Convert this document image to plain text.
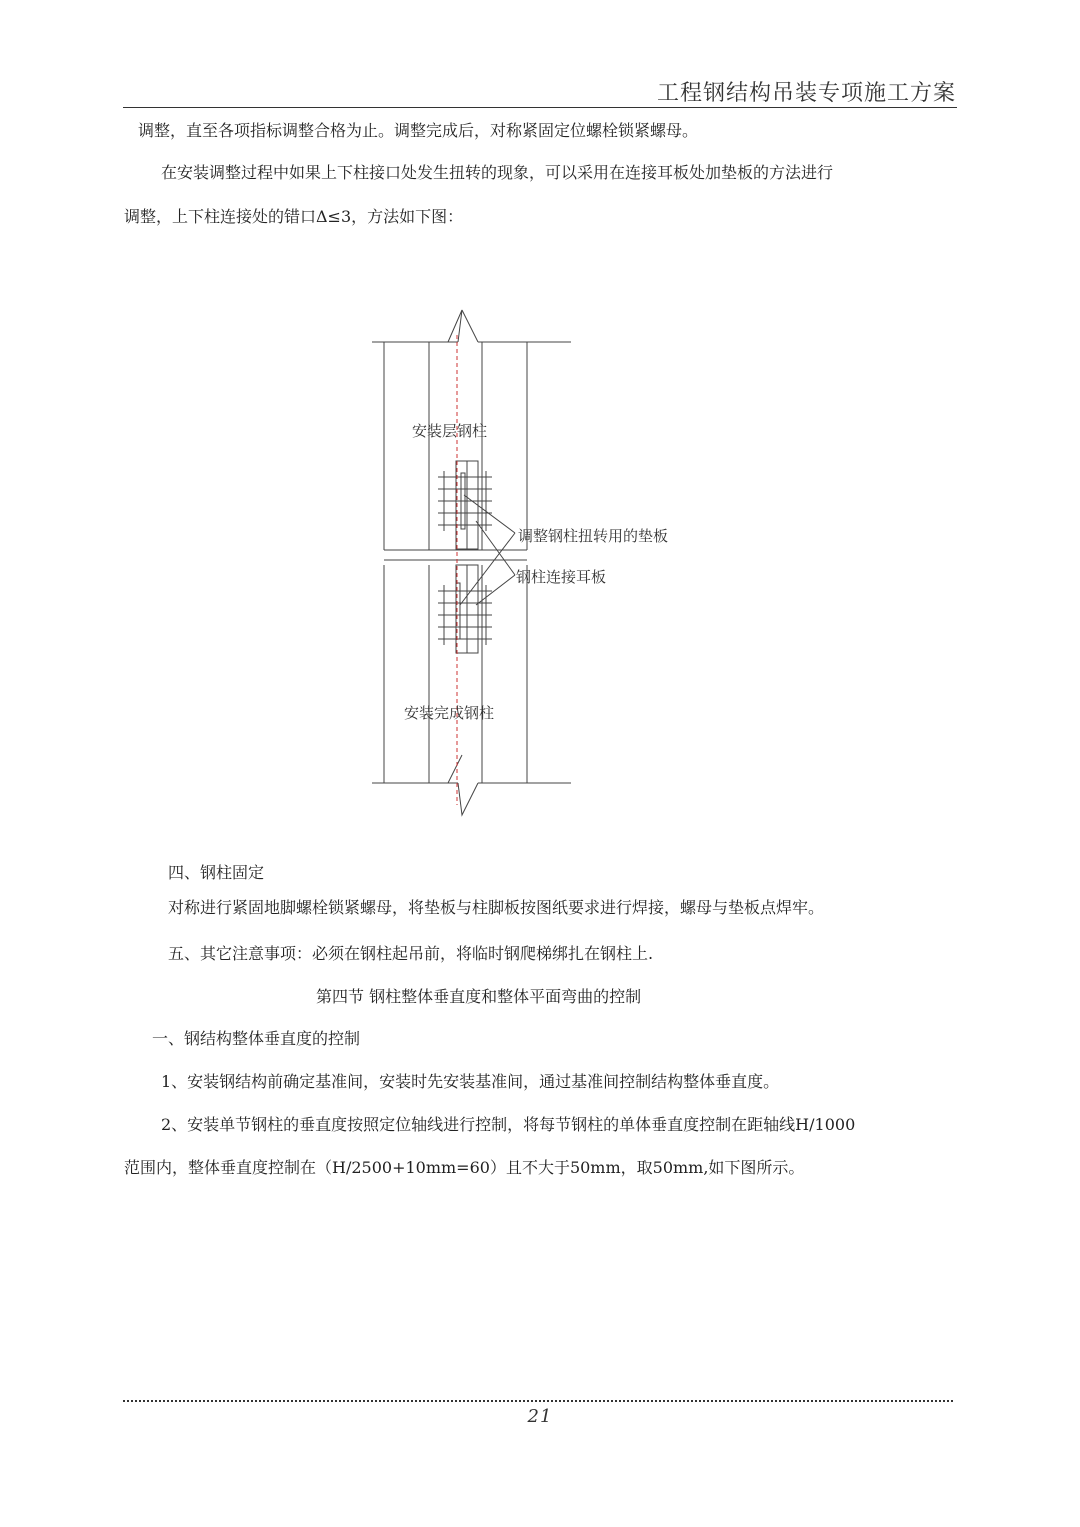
工程钢结构吊装专项施工方案
调整，直至各项指标调整合格为止。调整完成后，对称紧固定位螺栓锁紧螺母。
在安装调整过程中如果上下柱接口处发生扭转的现象，可以采用在连接耳板处加垫板的方法进行
调整，上下柱连接处的错口Δ≤3，方法如下图：
安装层钢柱
调整钢柱扭转用的垫板
钢柱连接耳板
安装完成钢柱
四、钢柱固定
对称进行紧固地脚螺栓锁紧螺母，将垫板与柱脚板按图纸要求进行焊接，螺母与垫板点焊牢。
五、其它注意事项：必须在钢柱起吊前，将临时钢爬梯绑扎在钢柱上.
第四节 钢柱整体垂直度和整体平面弯曲的控制
一、钢结构整体垂直度的控制
1、安装钢结构前确定基准间，安装时先安装基准间，通过基准间控制结构整体垂直度。
2、安装单节钢柱的垂直度按照定位轴线进行控制，将每节钢柱的单体垂直度控制在距轴线H/1000
范围内，整体垂直度控制在（H/2500+10mm=60）且不大于50mm，取50mm,如下图所示。
21
